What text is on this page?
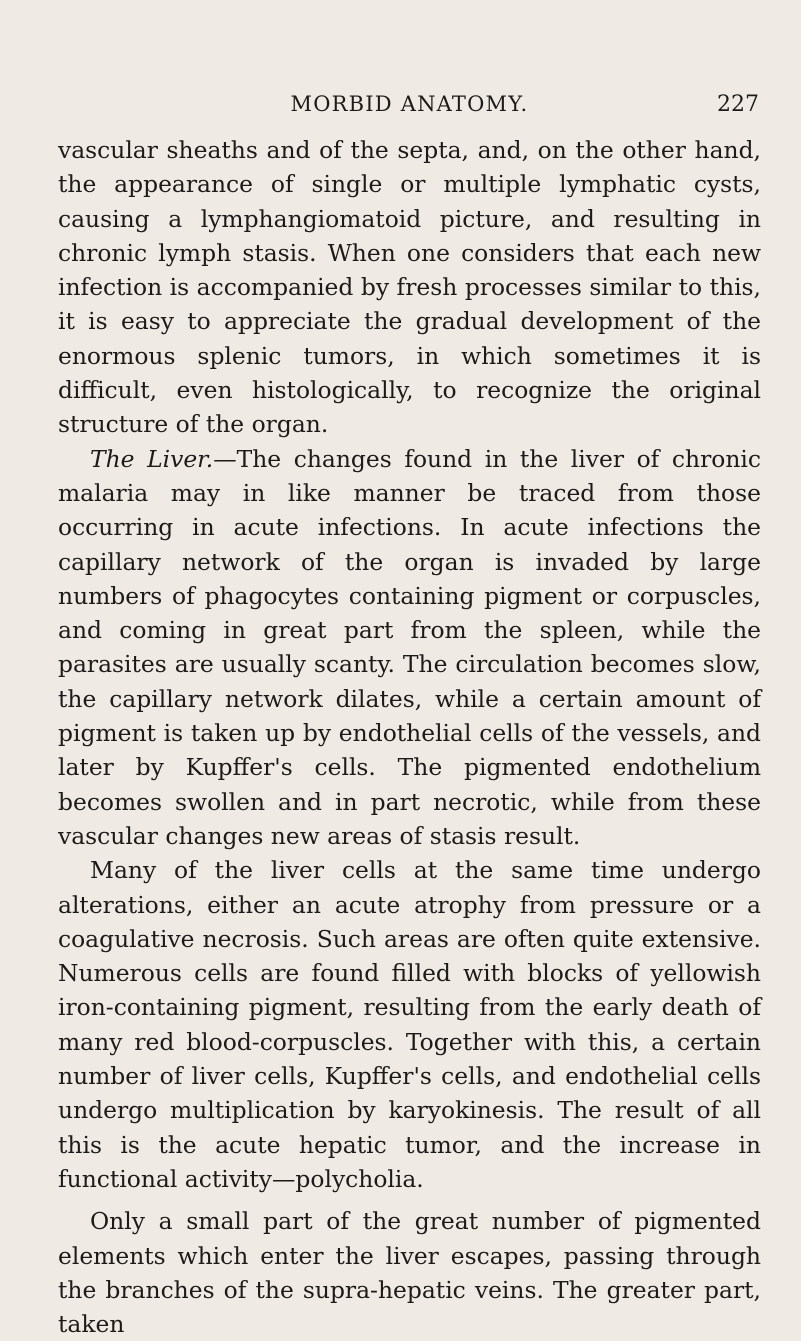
MORBID ANATOMY.	227

vascular sheaths and of the septa, and, on the other hand, the appearance of single or multiple lymphatic cysts, causing a lymphangiomatoid picture, and resulting in chronic lymph stasis. When one considers that each new infection is accompanied by fresh processes similar to this, it is easy to appreciate the gradual development of the enormous splenic tumors, in which sometimes it is difficult, even histologically, to recognize the original structure of the organ.

The Liver.—The changes found in the liver of chronic malaria may in like manner be traced from those occurring in acute infections. In acute infections the capillary network of the organ is invaded by large numbers of phagocytes containing pigment or corpuscles, and coming in great part from the spleen, while the parasites are usually scanty. The circulation becomes slow, the capillary network dilates, while a certain amount of pigment is taken up by endothelial cells of the vessels, and later by Kupffer's cells. The pigmented endothelium becomes swollen and in part necrotic, while from these vascular changes new areas of stasis result.

Many of the liver cells at the same time undergo alterations, either an acute atrophy from pressure or a coagulative necrosis. Such areas are often quite extensive. Numerous cells are found filled with blocks of yellowish iron-containing pigment, resulting from the early death of many red blood-corpuscles. Together with this, a certain number of liver cells, Kupffer's cells, and endothelial cells undergo multiplication by karyokinesis. The result of all this is the acute hepatic tumor, and the increase in functional activity—polycholia.

Only a small part of the great number of pigmented elements which enter the liver escapes, passing through the branches of the supra-hepatic veins. The greater part, taken
